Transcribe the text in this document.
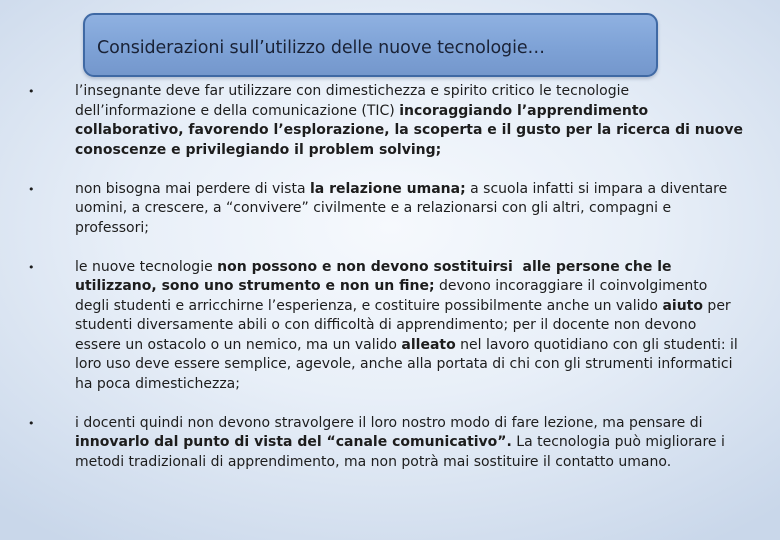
Considerazioni sull’utilizzo delle nuove tecnologie…
•	l’insegnante deve far utilizzare con dimestichezza e spirito critico le tecnologie dell’informazione e della comunicazione (TIC) incoraggiando l’apprendimento collaborativo, favorendo l’esplorazione, la scoperta e il gusto per la ricerca di nuove conoscenze e privilegiando il problem solving;
•	non bisogna mai perdere di vista la relazione umana; a scuola infatti si impara a diventare uomini, a crescere, a “convivere” civilmente e a relazionarsi con gli altri, compagni e professori;
•	le nuove tecnologie non possono e non devono sostituirsi  alle persone che le utilizzano, sono uno strumento e non un fine; devono incoraggiare il coinvolgimento degli studenti e arricchirne l’esperienza, e costituire possibilmente anche un valido aiuto per studenti diversamente abili o con difficoltà di apprendimento; per il docente non devono essere un ostacolo o un nemico, ma un valido alleato nel lavoro quotidiano con gli studenti: il loro uso deve essere semplice, agevole, anche alla portata di chi con gli strumenti informatici ha poca dimestichezza;
•	i docenti quindi non devono stravolgere il loro nostro modo di fare lezione, ma pensare di innovarlo dal punto di vista del “canale comunicativo”. La tecnologia può migliorare i metodi tradizionali di apprendimento, ma non potrà mai sostituire il contatto umano.
